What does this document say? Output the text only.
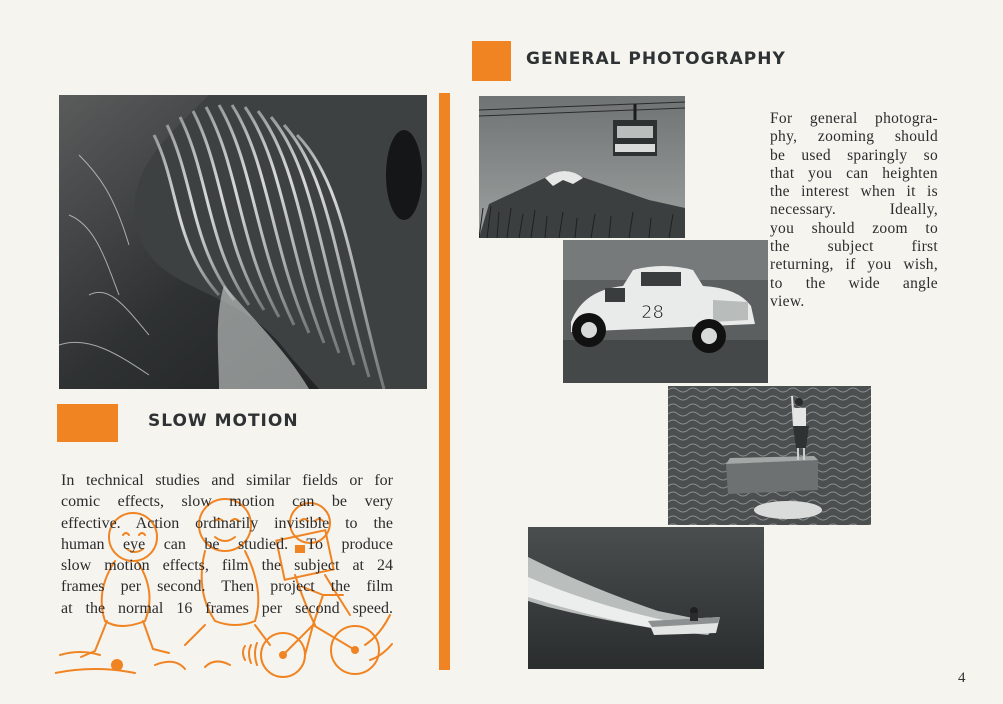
SLOW MOTION
In technical studies and similar fields or for
comic effects, slow motion can be very
effective. Action ordinarily invisible to the
human eye can be studied. To produce
slow motion effects, film the subject at 24
frames per second. Then project the film
at the normal 16 frames per second speed.
GENERAL PHOTOGRAPHY
28
For general photogra-
phy, zooming should
be used sparingly so
that you can heighten
the interest when it is
necessary. Ideally,
you should zoom to
the subject first
returning, if you wish,
to the wide angle
view.
4
